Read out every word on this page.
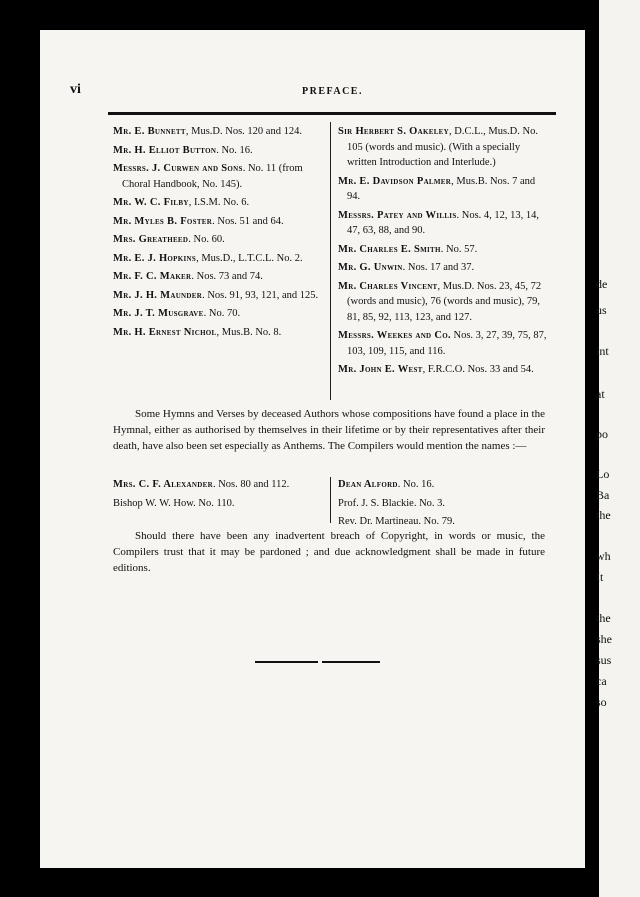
de
us
int
at
po
Lo
Ba
the
wh
It
the
she
sus
ca
so
vi	PREFACE.
Mr. E. Bunnett, Mus.D. Nos. 120 and 124.
Mr. H. Elliot Button. No. 16.
Messrs. J. Curwen and Sons. No. 11 (from Choral Handbook, No. 145).
Mr. W. C. Filby, I.S.M. No. 6.
Mr. Myles B. Foster. Nos. 51 and 64.
Mrs. Greatheed. No. 60.
Mr. E. J. Hopkins, Mus.D., L.T.C.L. No. 2.
Mr. F. C. Maker. Nos. 73 and 74.
Mr. J. H. Maunder. Nos. 91, 93, 121, and 125.
Mr. J. T. Musgrave. No. 70.
Mr. H. Ernest Nichol, Mus.B. No. 8.
Sir Herbert S. Oakeley, D.C.L., Mus.D. No. 105 (words and music). (With a specially written Introduction and Interlude.)
Mr. E. Davidson Palmer, Mus.B. Nos. 7 and 94.
Messrs. Patey and Willis. Nos. 4, 12, 13, 14, 47, 63, 88, and 90.
Mr. Charles E. Smith. No. 57.
Mr. G. Unwin. Nos. 17 and 37.
Mr. Charles Vincent, Mus.D. Nos. 23, 45, 72 (words and music), 76 (words and music), 79, 81, 85, 92, 113, 123, and 127.
Messrs. Weekes and Co. Nos. 3, 27, 39, 75, 87, 103, 109, 115, and 116.
Mr. John E. West, F.R.C.O. Nos. 33 and 54.

Some Hymns and Verses by deceased Authors whose compositions have found a place in the Hymnal, either as authorised by themselves in their lifetime or by their representatives after their death, have also been set especially as Anthems. The Compilers would mention the names :—

Mrs. C. F. Alexander. Nos. 80 and 112.
Bishop W. W. How. No. 110.
Dean Alford. No. 16.
Prof. J. S. Blackie. No. 3.
Rev. Dr. Martineau. No. 79.

Should there have been any inadvertent breach of Copyright, in words or music, the Compilers trust that it may be pardoned ; and due acknowledgment shall be made in future editions.
